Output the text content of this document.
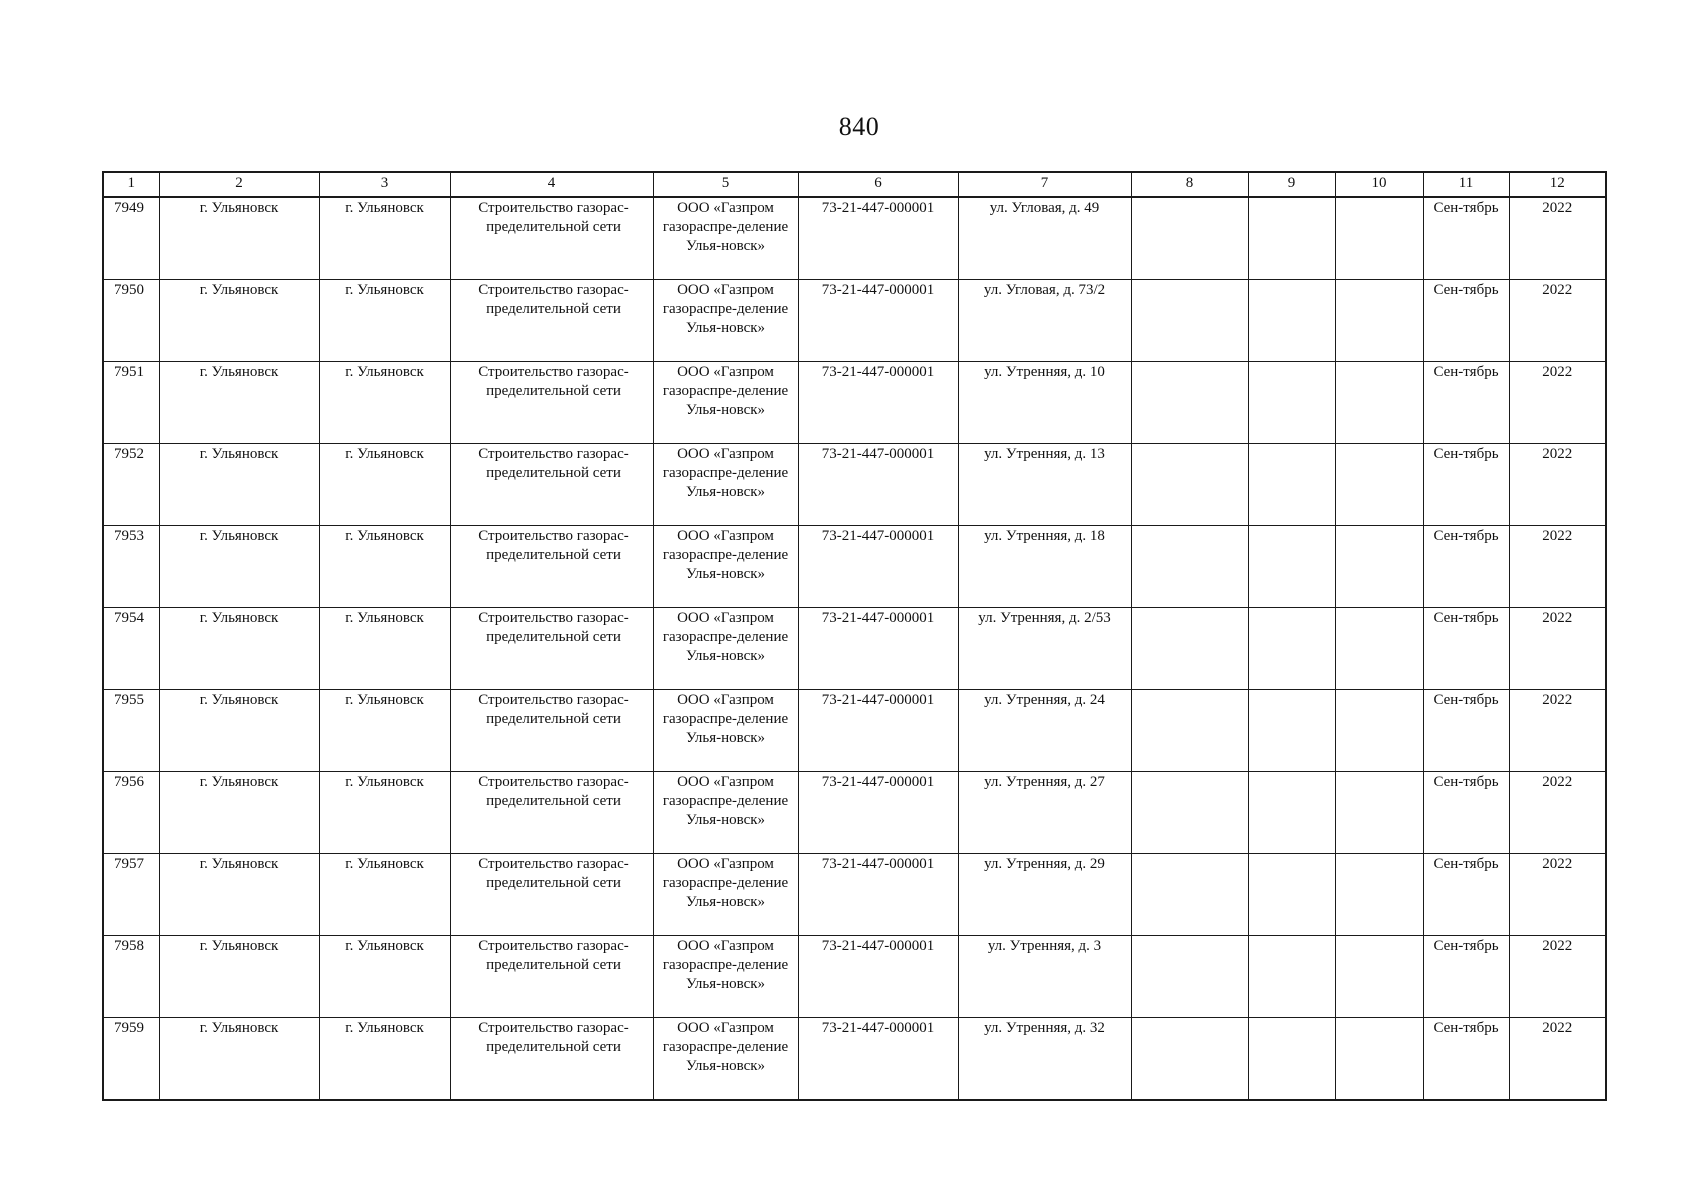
840
1	2	3	4	5	6	7	8	9	10	11	12
7949	г. Ульяновск	г. Ульяновск	Строительство газорас-пределительной сети	ООО «Газпром газораспре-деление Улья-новск»	73-21-447-000001	ул. Угловая, д. 49				Сен-тябрь	2022
7950	г. Ульяновск	г. Ульяновск	Строительство газорас-пределительной сети	ООО «Газпром газораспре-деление Улья-новск»	73-21-447-000001	ул. Угловая, д. 73/2				Сен-тябрь	2022
7951	г. Ульяновск	г. Ульяновск	Строительство газорас-пределительной сети	ООО «Газпром газораспре-деление Улья-новск»	73-21-447-000001	ул. Утренняя, д. 10				Сен-тябрь	2022
7952	г. Ульяновск	г. Ульяновск	Строительство газорас-пределительной сети	ООО «Газпром газораспре-деление Улья-новск»	73-21-447-000001	ул. Утренняя, д. 13				Сен-тябрь	2022
7953	г. Ульяновск	г. Ульяновск	Строительство газорас-пределительной сети	ООО «Газпром газораспре-деление Улья-новск»	73-21-447-000001	ул. Утренняя, д. 18				Сен-тябрь	2022
7954	г. Ульяновск	г. Ульяновск	Строительство газорас-пределительной сети	ООО «Газпром газораспре-деление Улья-новск»	73-21-447-000001	ул. Утренняя, д. 2/53				Сен-тябрь	2022
7955	г. Ульяновск	г. Ульяновск	Строительство газорас-пределительной сети	ООО «Газпром газораспре-деление Улья-новск»	73-21-447-000001	ул. Утренняя, д. 24				Сен-тябрь	2022
7956	г. Ульяновск	г. Ульяновск	Строительство газорас-пределительной сети	ООО «Газпром газораспре-деление Улья-новск»	73-21-447-000001	ул. Утренняя, д. 27				Сен-тябрь	2022
7957	г. Ульяновск	г. Ульяновск	Строительство газорас-пределительной сети	ООО «Газпром газораспре-деление Улья-новск»	73-21-447-000001	ул. Утренняя, д. 29				Сен-тябрь	2022
7958	г. Ульяновск	г. Ульяновск	Строительство газорас-пределительной сети	ООО «Газпром газораспре-деление Улья-новск»	73-21-447-000001	ул. Утренняя, д. 3				Сен-тябрь	2022
7959	г. Ульяновск	г. Ульяновск	Строительство газорас-пределительной сети	ООО «Газпром газораспре-деление Улья-новск»	73-21-447-000001	ул. Утренняя, д. 32				Сен-тябрь	2022
